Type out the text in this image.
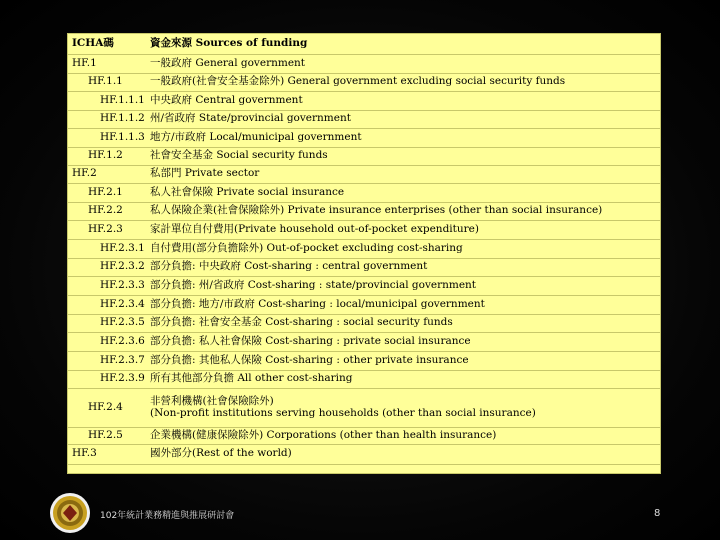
ICHA碼	資金來源 Sources of funding
HF.1	一般政府 General government
HF.1.1	一般政府(社會安全基金除外) General government excluding social security funds
HF.1.1.1 中央政府 Central government
HF.1.1.2 州/省政府 State/provincial government
HF.1.1.3 地方/市政府 Local/municipal government
HF.1.2	社會安全基金 Social security funds
HF.2	私部門 Private sector
HF.2.1	私人社會保險 Private social insurance
HF.2.2	私人保險企業(社會保險除外) Private insurance enterprises (other than social insurance)
HF.2.3	家計單位自付費用(Private household out-of-pocket expenditure)
HF.2.3.1 自付費用(部分負擔除外) Out-of-pocket excluding cost-sharing
HF.2.3.2 部分負擔: 中央政府 Cost-sharing : central government
HF.2.3.3 部分負擔: 州/省政府 Cost-sharing : state/provincial government
HF.2.3.4 部分負擔: 地方/市政府 Cost-sharing : local/municipal government
HF.2.3.5 部分負擔: 社會安全基金 Cost-sharing : social security funds
HF.2.3.6 部分負擔: 私人社會保險 Cost-sharing : private social insurance
HF.2.3.7 部分負擔: 其他私人保險 Cost-sharing : other private insurance
HF.2.3.9 所有其他部分負擔 All other cost-sharing
HF.2.4	非營利機構(社會保險除外)
(Non-profit institutions serving households (other than social insurance)
HF.2.5	企業機構(健康保險除外) Corporations (other than health insurance)
HF.3	國外部分(Rest of the world)
102年統計業務精進與推展研討會	8
